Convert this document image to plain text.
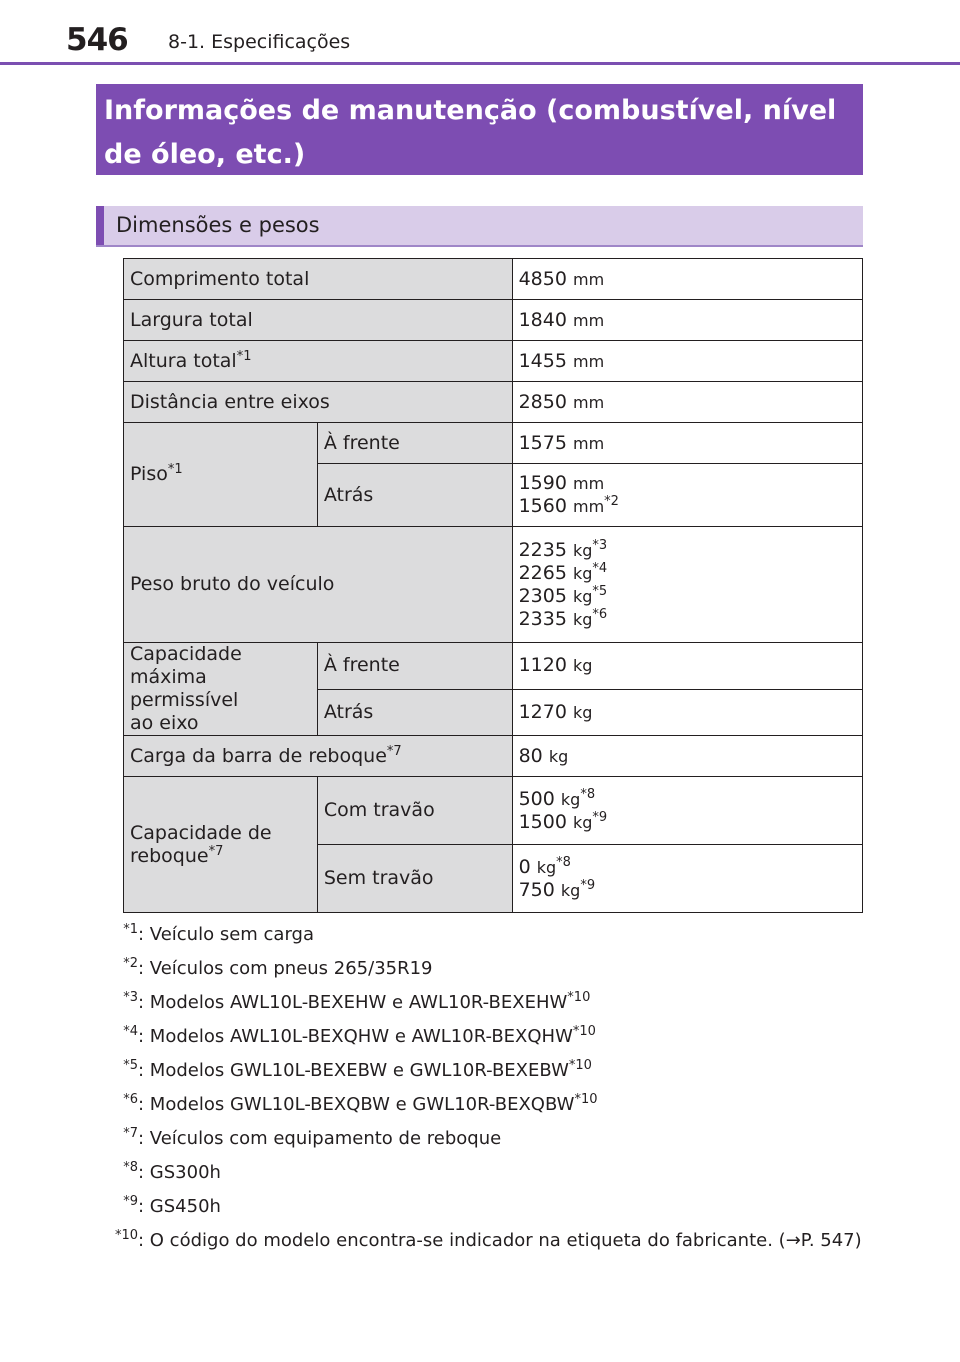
546 8-1. Especificações
Informações de manutenção (combustível, nível de óleo, etc.)
Dimensões e pesos
Comprimento total		4850 mm
Largura total		1840 mm
Altura total$^{*1}$		1455 mm
Distância entre eixos		2850 mm
Piso$^{*1}$	À frente	1575 mm
	Atrás	1590 mm
1560 $mm^{*2}$
Peso bruto do veículo		2235 $kg^{*3}$
2265 $kg^{*4}$
2305 $kg^{*5}$
2335 $kg^{*6}$
Capacidade
máxima permissível
ao eixo	À frente	1120 kg
	Atrás	1270 kg
Carga da barra de reboque$^{*7}$		80 kg
Capacidade de
reboque$^{*7}$	Com travão	500 $kg^{*8}$
1500 $kg^{*9}$
	Sem travão	0 $kg^{*8}$
750 $kg^{*9}$
$^{*1}$: Veículo sem carga
$^{*2}$: Veículos com pneus 265/35R19
$^{*3}$: Modelos AWL10L-BEXEHW e AWL10R-BEXEHW$^{*10}$
$^{*4}$: Modelos AWL10L-BEXQHW e AWL10R-BEXQHW$^{*10}$
$^{*5}$: Modelos GWL10L-BEXEBW e GWL10R-BEXEBW$^{*10}$
$^{*6}$: Modelos GWL10L-BEXQBW e GWL10R-BEXQBW$^{*10}$
$^{*7}$: Veículos com equipamento de reboque
$^{*8}$: GS300h
$^{*9}$: GS450h
$^{*10}$: O código do modelo encontra-se indicador na etiqueta do fabricante. (→P. 547)
